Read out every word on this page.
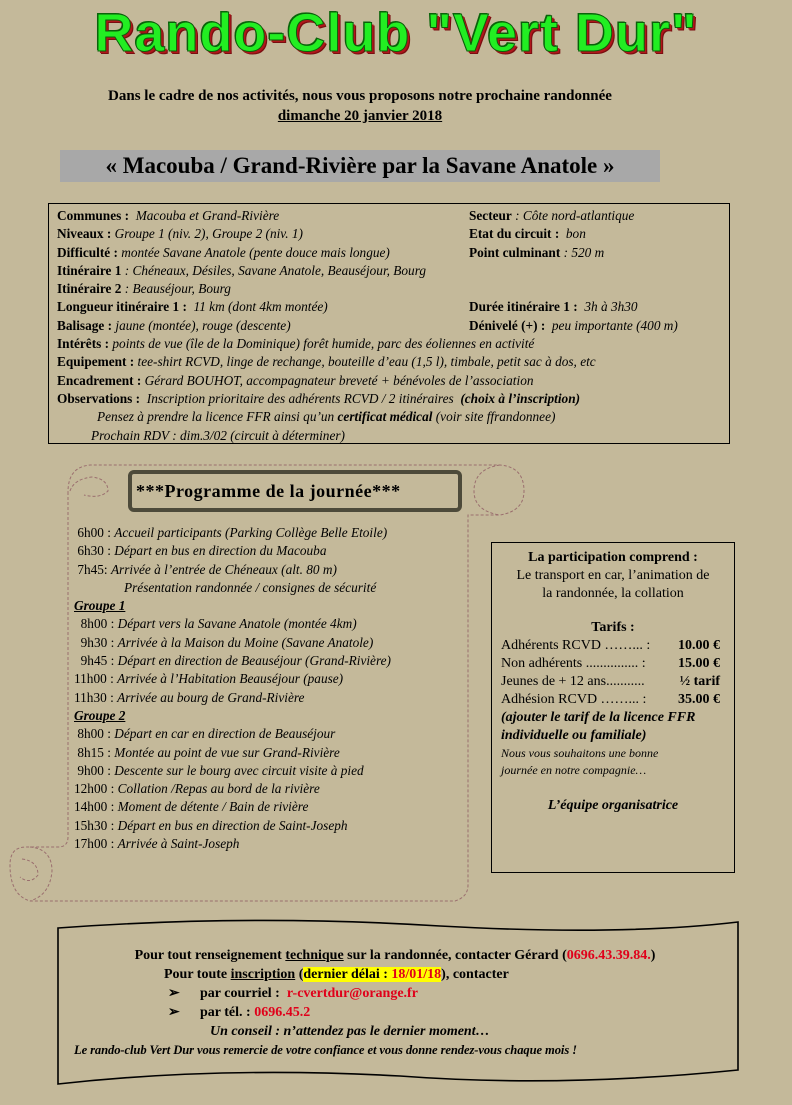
Rando-Club "Vert Dur"
Dans le cadre de nos activités, nous vous proposons notre prochaine randonnée
dimanche 20 janvier 2018
« Macouba / Grand-Rivière par la Savane Anatole »
Communes : Macouba et Grand-Rivière	Secteur : Côte nord-atlantique
Niveaux : Groupe 1 (niv. 2), Groupe 2 (niv. 1)	Etat du circuit : bon
Difficulté : montée Savane Anatole (pente douce mais longue)	Point culminant : 520 m
Itinéraire 1 : Chéneaux, Désiles, Savane Anatole, Beauséjour, Bourg
Itinéraire 2 : Beauséjour, Bourg
Longueur itinéraire 1 : 11 km (dont 4km montée)	Durée itinéraire 1 : 3h à 3h30
Balisage : jaune (montée), rouge (descente)	Dénivelé (+) : peu importante (400 m)
Intérêts : points de vue (île de la Dominique) forêt humide, parc des éoliennes en activité
Equipement : tee-shirt RCVD, linge de rechange, bouteille d’eau (1,5 l), timbale, petit sac à dos, etc
Encadrement : Gérard BOUHOT, accompagnateur breveté + bénévoles de l’association
Observations : Inscription prioritaire des adhérents RCVD / 2 itinéraires (choix à l’inscription)
Pensez à prendre la licence FFR ainsi qu’un certificat médical (voir site ffrandonnee)
Prochain RDV : dim.3/02 (circuit à déterminer)
***Programme de la journée***
6h00 : Accueil participants (Parking Collège Belle Etoile)
6h30 : Départ en bus en direction du Macouba
7h45: Arrivée à l’entrée de Chéneaux (alt. 80 m)
Présentation randonnée / consignes de sécurité
Groupe 1
8h00 : Départ vers la Savane Anatole (montée 4km)
9h30 : Arrivée à la Maison du Moine (Savane Anatole)
9h45 : Départ en direction de Beauséjour (Grand-Rivière)
11h00 : Arrivée à l’Habitation Beauséjour (pause)
11h30 : Arrivée au bourg de Grand-Rivière
Groupe 2
8h00 : Départ en car en direction de Beauséjour
8h15 : Montée au point de vue sur Grand-Rivière
9h00 : Descente sur le bourg avec circuit visite à pied
12h00 : Collation /Repas au bord de la rivière
14h00 : Moment de détente / Bain de rivière
15h30 : Départ en bus en direction de Saint-Joseph
17h00 : Arrivée à Saint-Joseph
La participation comprend :
Le transport en car, l’animation de
la randonnée, la collation
Tarifs :
Adhérents RCVD ……... : 10.00 €
Non adhérents ............... : 15.00 €
Jeunes de + 12 ans........... ½ tarif
Adhésion RCVD ……... : 35.00 €
(ajouter le tarif de la licence FFR
individuelle ou familiale)
Nous vous souhaitons une bonne
journée en notre compagnie…
L’équipe organisatrice
Pour tout renseignement technique sur la randonnée, contacter Gérard (0696.43.39.84.)
Pour toute inscription (dernier délai : 18/01/18), contacter
➢ par courriel : r-cvertdur@orange.fr
➢ par tél. : 0696.45.2
Un conseil : n’attendez pas le dernier moment…
Le rando-club Vert Dur vous remercie de votre confiance et vous donne rendez-vous chaque mois !
